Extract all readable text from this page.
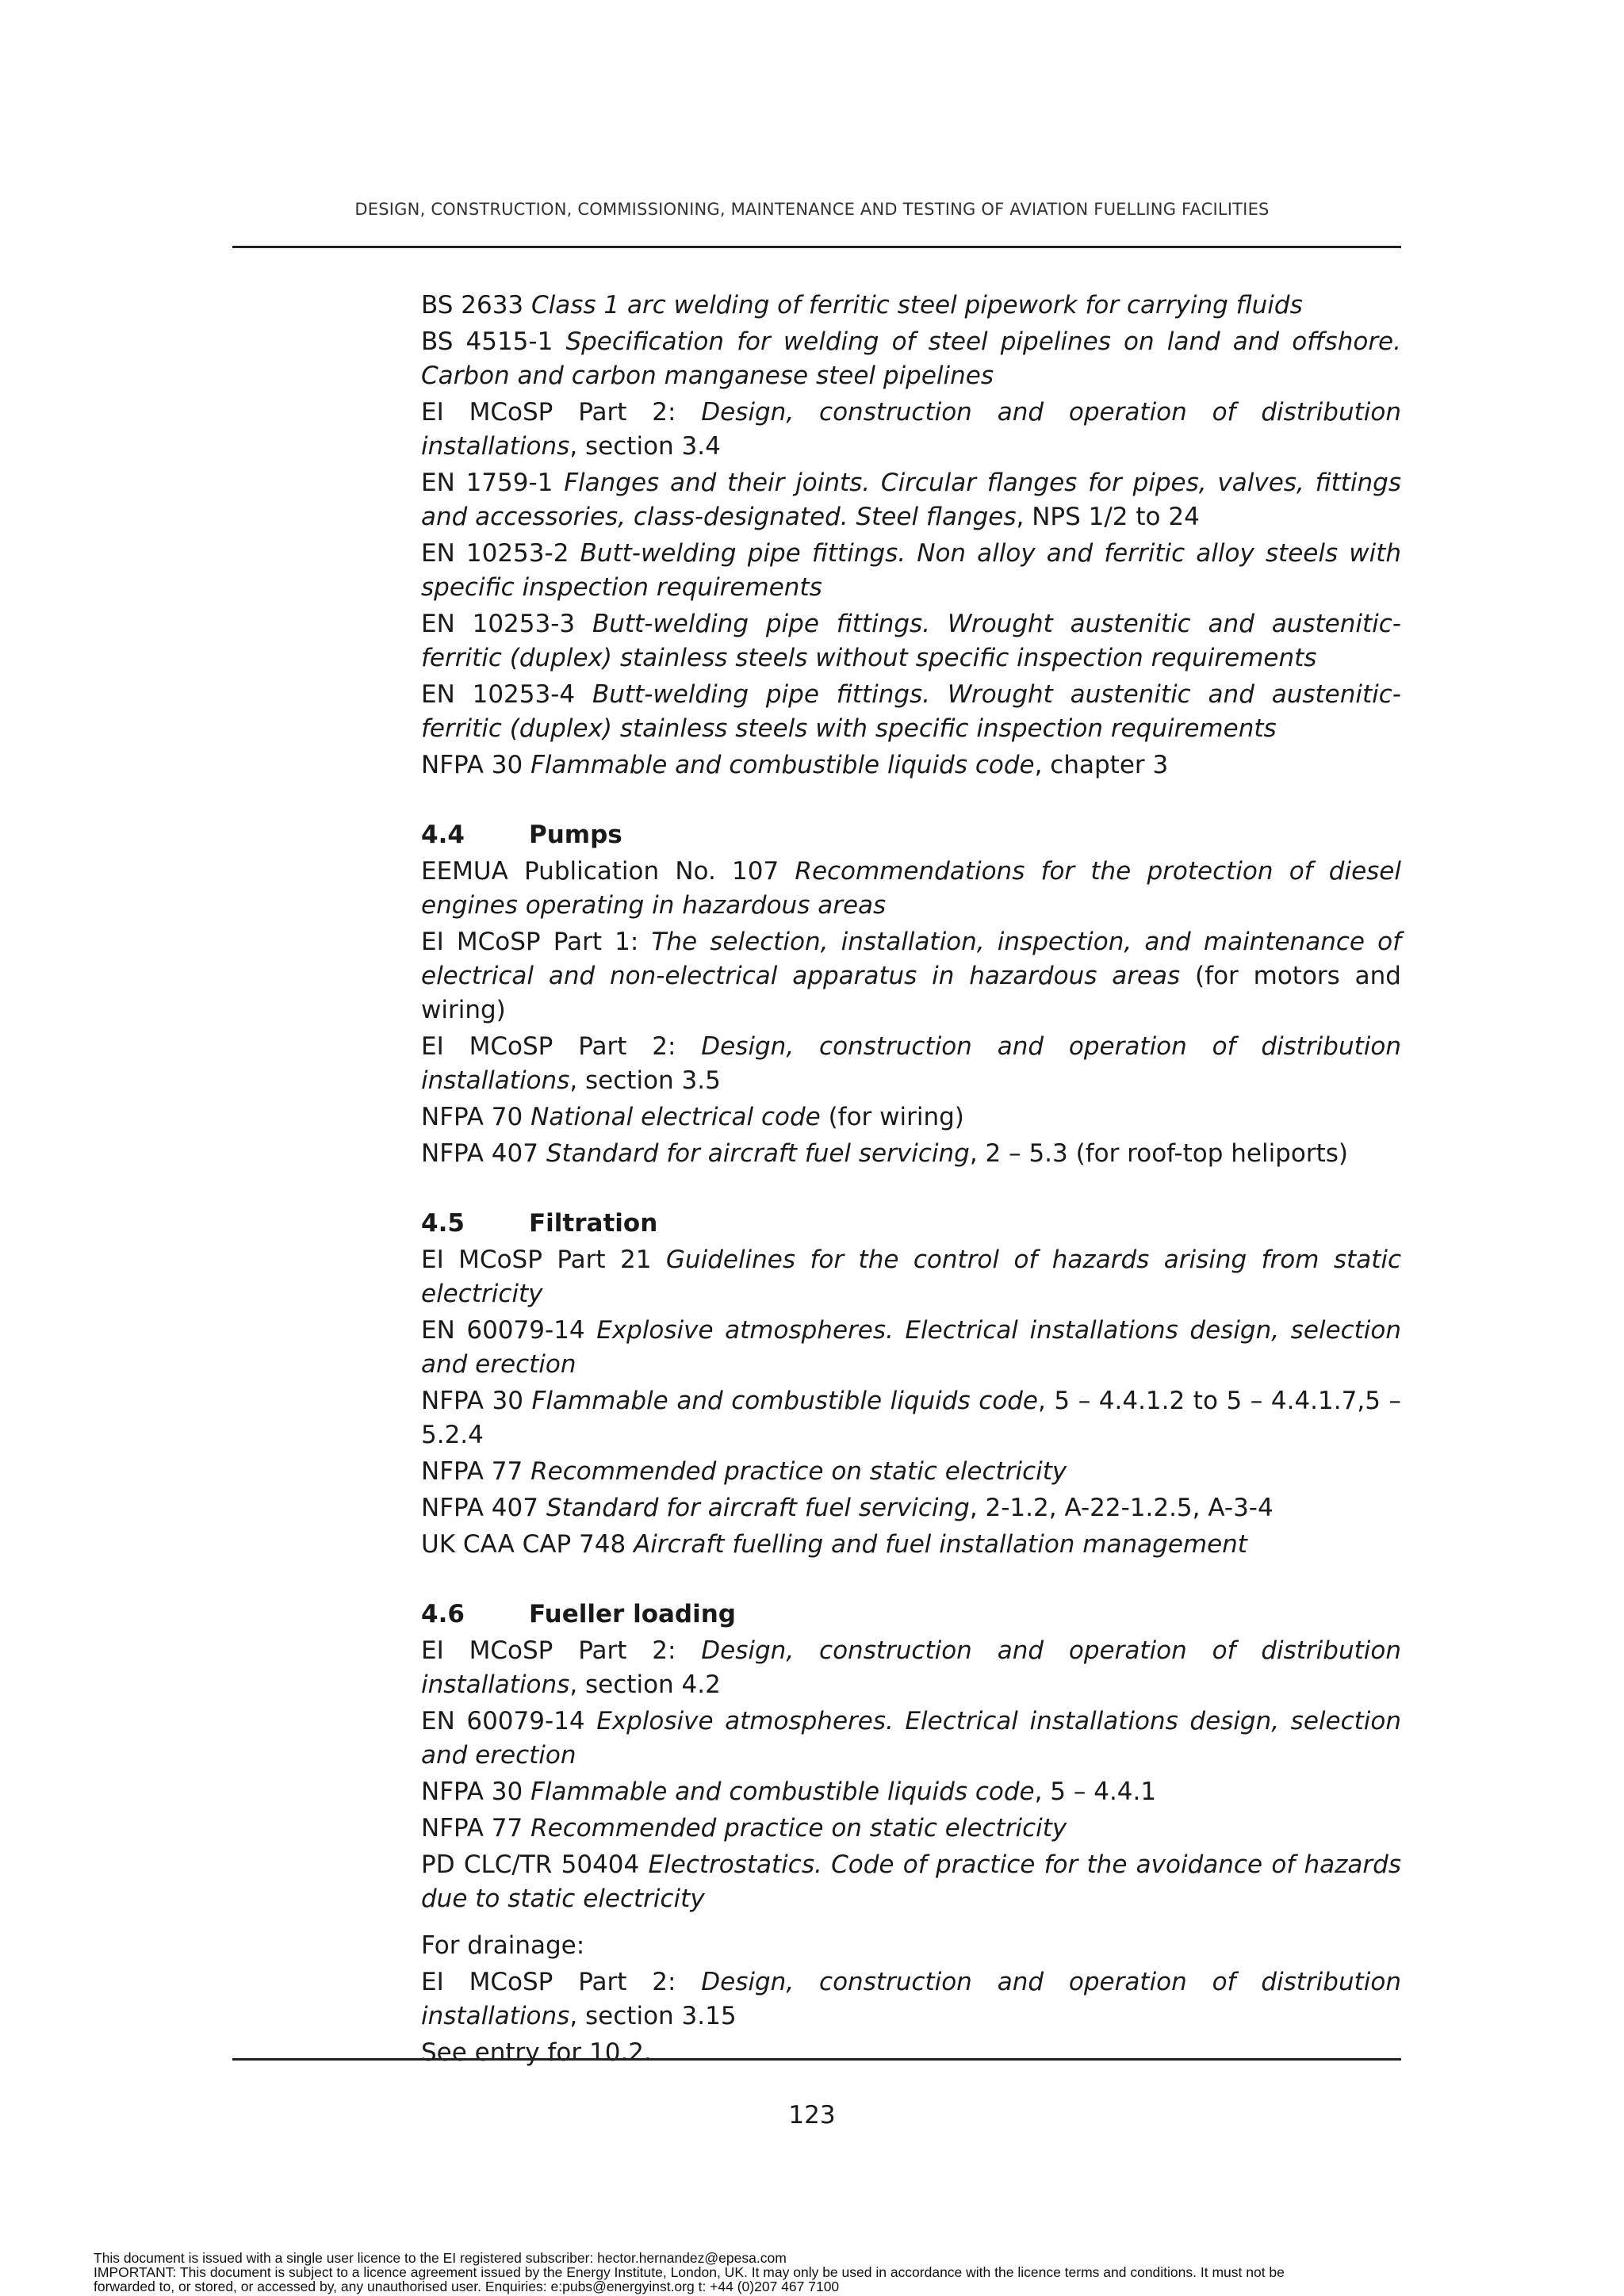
DESIGN, CONSTRUCTION, COMMISSIONING, MAINTENANCE AND TESTING OF AVIATION FUELLING FACILITIES
BS 2633 Class 1 arc welding of ferritic steel pipework for carrying fluids
BS 4515-1 Specification for welding of steel pipelines on land and offshore. Carbon and carbon manganese steel pipelines
EI MCoSP Part 2: Design, construction and operation of distribution installations, section 3.4
EN 1759-1 Flanges and their joints. Circular flanges for pipes, valves, fittings and accessories, class-designated. Steel flanges, NPS 1/2 to 24
EN 10253-2 Butt-welding pipe fittings. Non alloy and ferritic alloy steels with specific inspection requirements
EN 10253-3 Butt-welding pipe fittings. Wrought austenitic and austenitic-ferritic (duplex) stainless steels without specific inspection requirements
EN 10253-4 Butt-welding pipe fittings. Wrought austenitic and austenitic-ferritic (duplex) stainless steels with specific inspection requirements
NFPA 30 Flammable and combustible liquids code, chapter 3
4.4	Pumps
EEMUA Publication No. 107 Recommendations for the protection of diesel engines operating in hazardous areas
EI MCoSP Part 1: The selection, installation, inspection, and maintenance of electrical and non-electrical apparatus in hazardous areas (for motors and wiring)
EI MCoSP Part 2: Design, construction and operation of distribution installations, section 3.5
NFPA 70 National electrical code (for wiring)
NFPA 407 Standard for aircraft fuel servicing, 2 – 5.3 (for roof-top heliports)
4.5	Filtration
EI MCoSP Part 21 Guidelines for the control of hazards arising from static electricity
EN 60079-14 Explosive atmospheres. Electrical installations design, selection and erection
NFPA 30 Flammable and combustible liquids code, 5 – 4.4.1.2 to 5 – 4.4.1.7,5 – 5.2.4
NFPA 77 Recommended practice on static electricity
NFPA 407 Standard for aircraft fuel servicing, 2-1.2, A-22-1.2.5, A-3-4
UK CAA CAP 748 Aircraft fuelling and fuel installation management
4.6	Fueller loading
EI MCoSP Part 2: Design, construction and operation of distribution installations, section 4.2
EN 60079-14 Explosive atmospheres. Electrical installations design, selection and erection
NFPA 30 Flammable and combustible liquids code, 5 – 4.4.1
NFPA 77 Recommended practice on static electricity
PD CLC/TR 50404 Electrostatics. Code of practice for the avoidance of hazards due to static electricity
For drainage:
EI MCoSP Part 2: Design, construction and operation of distribution installations, section 3.15
See entry for 10.2.
123
This document is issued with a single user licence to the EI registered subscriber: hector.hernandez@epesa.com
IMPORTANT: This document is subject to a licence agreement issued by the Energy Institute, London, UK. It may only be used in accordance with the licence terms and conditions. It must not be
forwarded to, or stored, or accessed by, any unauthorised user. Enquiries: e:pubs@energyinst.org t: +44 (0)207 467 7100
